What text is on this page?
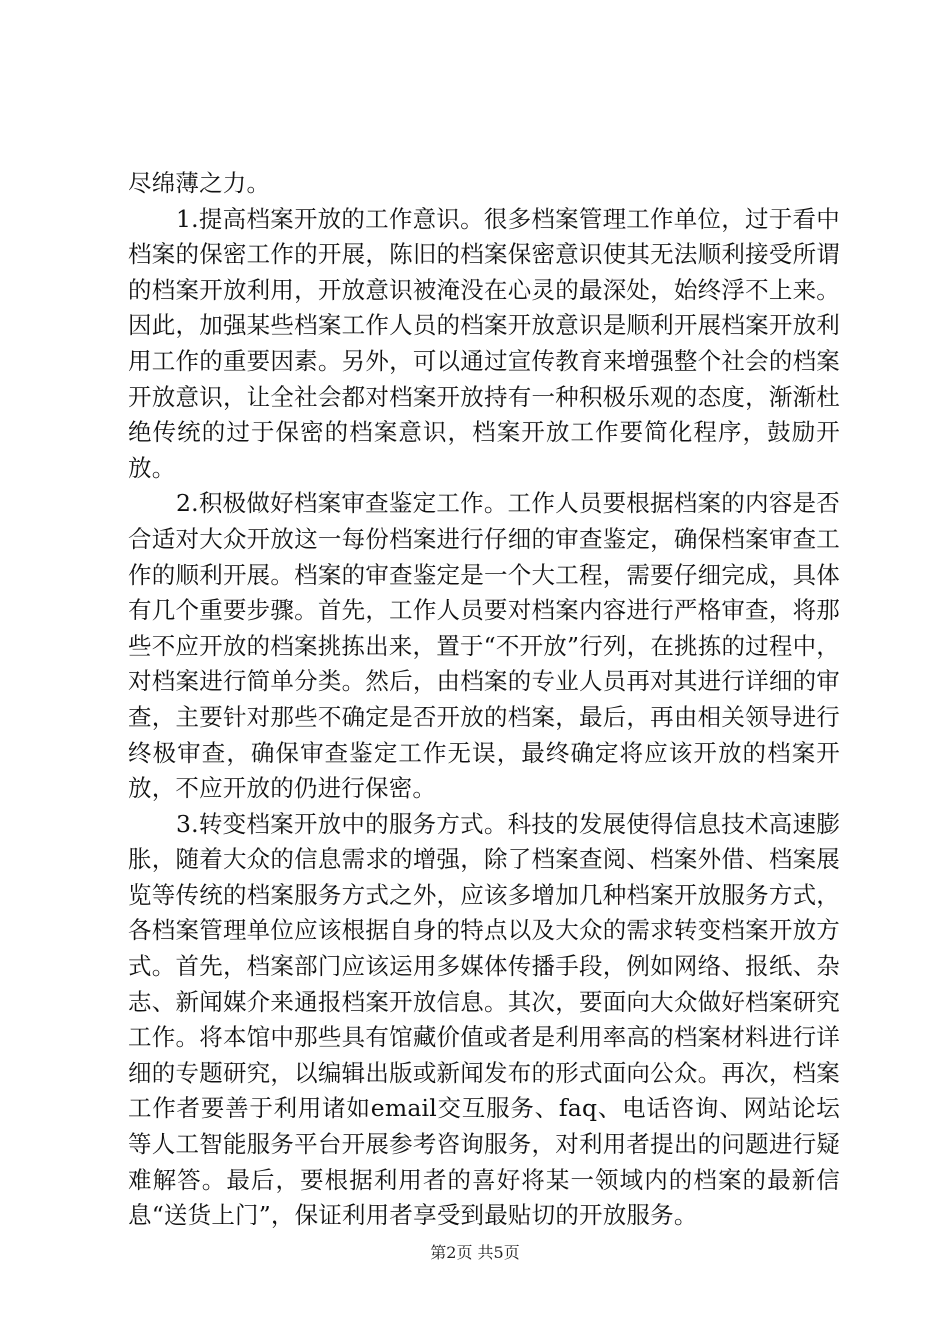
尽绵薄之力。

1.提高档案开放的工作意识。很多档案管理工作单位，过于看中档案的保密工作的开展，陈旧的档案保密意识使其无法顺利接受所谓的档案开放利用，开放意识被淹没在心灵的最深处，始终浮不上来。因此，加强某些档案工作人员的档案开放意识是顺利开展档案开放利用工作的重要因素。另外，可以通过宣传教育来增强整个社会的档案开放意识，让全社会都对档案开放持有一种积极乐观的态度，渐渐杜绝传统的过于保密的档案意识，档案开放工作要简化程序，鼓励开放。

2.积极做好档案审查鉴定工作。工作人员要根据档案的内容是否合适对大众开放这一每份档案进行仔细的审查鉴定，确保档案审查工作的顺利开展。档案的审查鉴定是一个大工程，需要仔细完成，具体有几个重要步骤。首先，工作人员要对档案内容进行严格审查，将那些不应开放的档案挑拣出来，置于“不开放”行列，在挑拣的过程中，对档案进行简单分类。然后，由档案的专业人员再对其进行详细的审查，主要针对那些不确定是否开放的档案，最后，再由相关领导进行终极审查，确保审查鉴定工作无误，最终确定将应该开放的档案开放，不应开放的仍进行保密。

3.转变档案开放中的服务方式。科技的发展使得信息技术高速膨胀，随着大众的信息需求的增强，除了档案查阅、档案外借、档案展览等传统的档案服务方式之外，应该多增加几种档案开放服务方式，各档案管理单位应该根据自身的特点以及大众的需求转变档案开放方式。首先，档案部门应该运用多媒体传播手段，例如网络、报纸、杂志、新闻媒介来通报档案开放信息。其次，要面向大众做好档案研究工作。将本馆中那些具有馆藏价值或者是利用率高的档案材料进行详细的专题研究，以编辑出版或新闻发布的形式面向公众。再次，档案工作者要善于利用诸如email交互服务、faq、电话咨询、网站论坛等人工智能服务平台开展参考咨询服务，对利用者提出的问题进行疑难解答。最后，要根据利用者的喜好将某一领域内的档案的最新信息“送货上门”，保证利用者享受到最贴切的开放服务。

第2页 共5页
